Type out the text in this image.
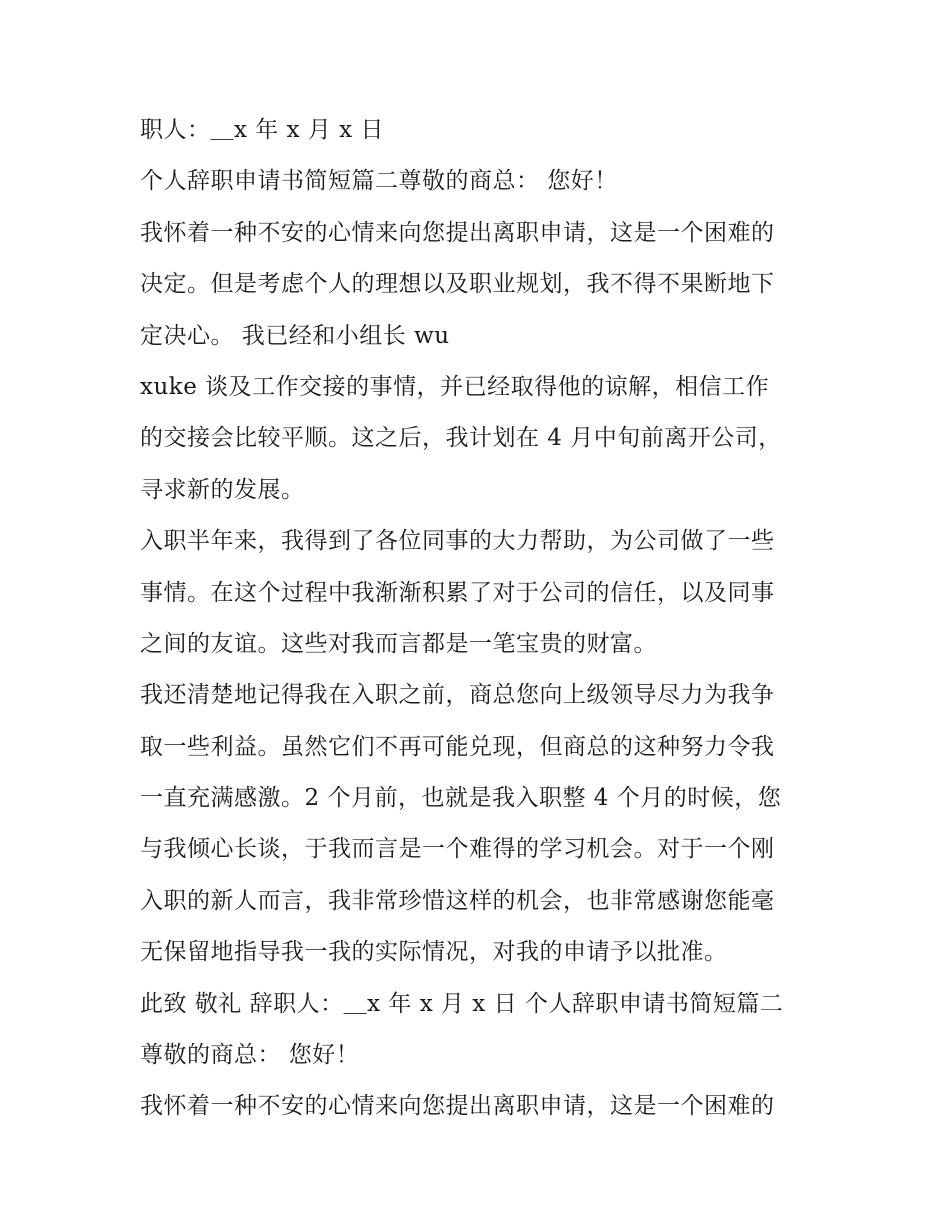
职人：＿x 年 x 月 x 日
个人辞职申请书简短篇二尊敬的商总： 您好！
我怀着一种不安的心情来向您提出离职申请，这是一个困难的
决定。但是考虑个人的理想以及职业规划，我不得不果断地下
定决心。 我已经和小组长 wu
xuke 谈及工作交接的事情，并已经取得他的谅解，相信工作
的交接会比较平顺。这之后，我计划在 4 月中旬前离开公司，
寻求新的发展。
入职半年来，我得到了各位同事的大力帮助，为公司做了一些
事情。在这个过程中我渐渐积累了对于公司的信任，以及同事
之间的友谊。这些对我而言都是一笔宝贵的财富。
我还清楚地记得我在入职之前，商总您向上级领导尽力为我争
取一些利益。虽然它们不再可能兑现，但商总的这种努力令我
一直充满感激。2 个月前，也就是我入职整 4 个月的时候，您
与我倾心长谈，于我而言是一个难得的学习机会。对于一个刚
入职的新人而言，我非常珍惜这样的机会，也非常感谢您能毫
无保留地指导我一我的实际情况，对我的申请予以批准。
此致 敬礼 辞职人：＿x 年 x 月 x 日 个人辞职申请书简短篇二
尊敬的商总： 您好！
我怀着一种不安的心情来向您提出离职申请，这是一个困难的
